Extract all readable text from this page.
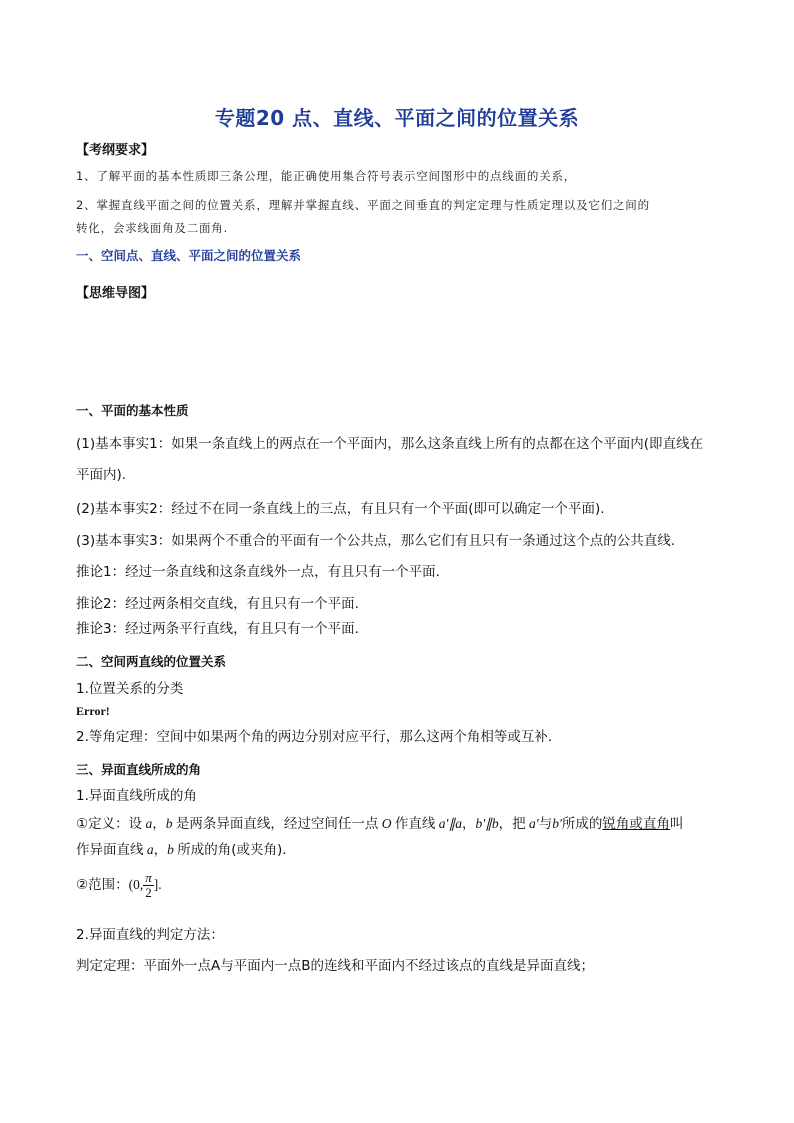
专题20 点、直线、平面之间的位置关系
【考纲要求】
1、了解平面的基本性质即三条公理，能正确使用集合符号表示空间图形中的点线面的关系，
2、掌握直线平面之间的位置关系，理解并掌握直线、平面之间垂直的判定定理与性质定理以及它们之间的
转化，会求线面角及二面角.
一、空间点、直线、平面之间的位置关系
【思维导图】
一、平面的基本性质
(1)基本事实1：如果一条直线上的两点在一个平面内，那么这条直线上所有的点都在这个平面内(即直线在
平面内).
(2)基本事实2：经过不在同一条直线上的三点，有且只有一个平面(即可以确定一个平面).
(3)基本事实3：如果两个不重合的平面有一个公共点，那么它们有且只有一条通过这个点的公共直线.
推论1：经过一条直线和这条直线外一点，有且只有一个平面.
推论2：经过两条相交直线，有且只有一个平面.
推论3：经过两条平行直线，有且只有一个平面.
二、空间两直线的位置关系
1.位置关系的分类
Error!
2.等角定理：空间中如果两个角的两边分别对应平行，那么这两个角相等或互补.
三、异面直线所成的角
1.异面直线所成的角
①定义：设 a，b 是两条异面直线，经过空间任一点 O 作直线 a′∥a，b′∥b，把 a′与b′所成的锐角或直角叫
作异面直线 a，b 所成的角(或夹角).
②范围：(0, $\frac{\pi}{2}$ ].
2.异面直线的判定方法：
判定定理：平面外一点A与平面内一点B的连线和平面内不经过该点的直线是异面直线；
